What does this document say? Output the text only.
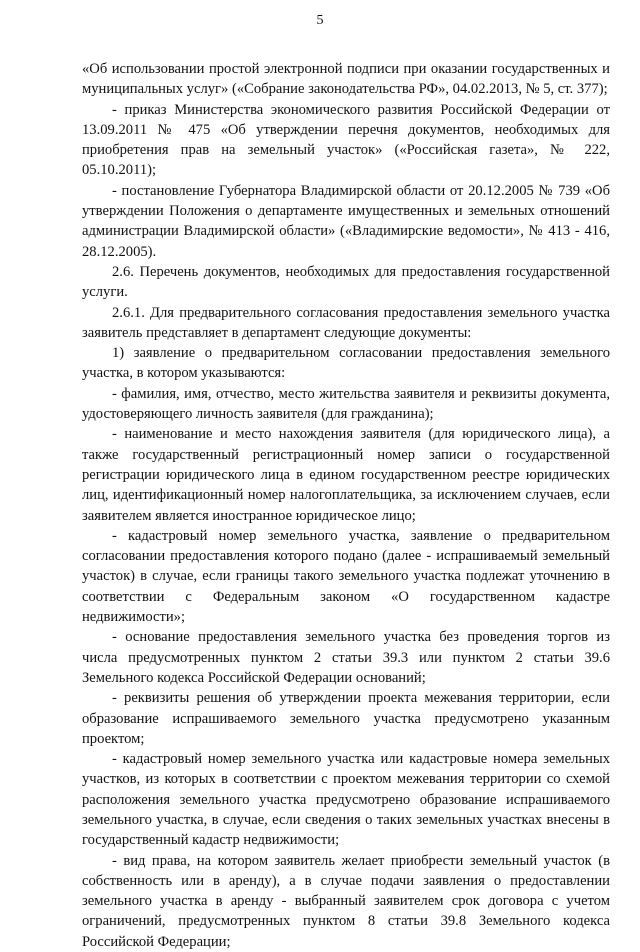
5

«Об использовании простой электронной подписи при оказании государственных и муниципальных услуг» («Собрание законодательства РФ», 04.02.2013, № 5, ст. 377);

- приказ Министерства экономического развития Российской Федерации от 13.09.2011 № 475 «Об утверждении перечня документов, необходимых для приобретения прав на земельный участок» («Российская газета», № 222, 05.10.2011);

- постановление Губернатора Владимирской области от 20.12.2005 № 739 «Об утверждении Положения о департаменте имущественных и земельных отношений администрации Владимирской области» («Владимирские ведомости», № 413 - 416, 28.12.2005).

2.6. Перечень документов, необходимых для предоставления государственной услуги.

2.6.1. Для предварительного согласования предоставления земельного участка заявитель представляет в департамент следующие документы:

1) заявление о предварительном согласовании предоставления земельного участка, в котором указываются:

- фамилия, имя, отчество, место жительства заявителя и реквизиты документа, удостоверяющего личность заявителя (для гражданина);

- наименование и место нахождения заявителя (для юридического лица), а также государственный регистрационный номер записи о государственной регистрации юридического лица в едином государственном реестре юридических лиц, идентификационный номер налогоплательщика, за исключением случаев, если заявителем является иностранное юридическое лицо;

- кадастровый номер земельного участка, заявление о предварительном согласовании предоставления которого подано (далее - испрашиваемый земельный участок) в случае, если границы такого земельного участка подлежат уточнению в соответствии с Федеральным законом «О государственном кадастре недвижимости»;

- основание предоставления земельного участка без проведения торгов из числа предусмотренных пунктом 2 статьи 39.3 или пунктом 2 статьи 39.6 Земельного кодекса Российской Федерации оснований;

- реквизиты решения об утверждении проекта межевания территории, если образование испрашиваемого земельного участка предусмотрено указанным проектом;

- кадастровый номер земельного участка или кадастровые номера земельных участков, из которых в соответствии с проектом межевания территории со схемой расположения земельного участка предусмотрено образование испрашиваемого земельного участка, в случае, если сведения о таких земельных участках внесены в государственный кадастр недвижимости;

- вид права, на котором заявитель желает приобрести земельный участок (в собственность или в аренду), а в случае подачи заявления о предоставлении земельного участка в аренду - выбранный заявителем срок договора с учетом ограничений, предусмотренных пунктом 8 статьи 39.8 Земельного кодекса Российской Федерации;
